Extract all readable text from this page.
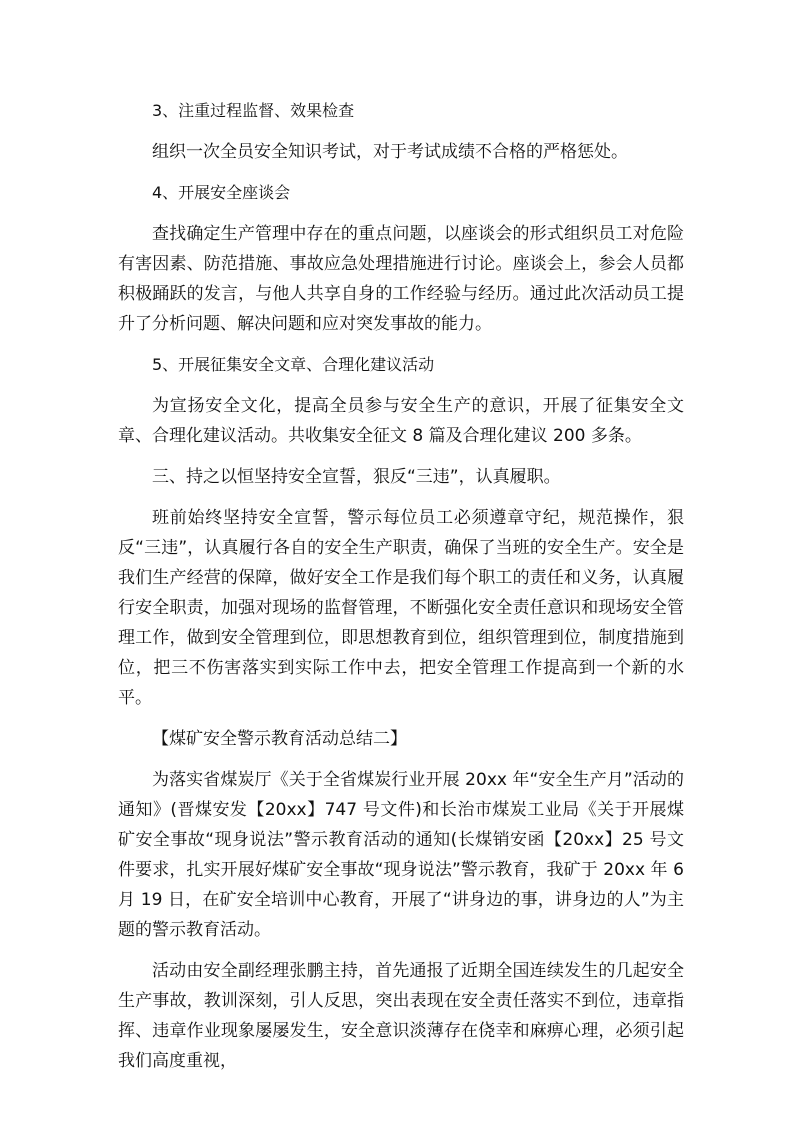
3、注重过程监督、效果检查

组织一次全员安全知识考试，对于考试成绩不合格的严格惩处。

4、开展安全座谈会

查找确定生产管理中存在的重点问题，以座谈会的形式组织员工对危险有害因素、防范措施、事故应急处理措施进行讨论。座谈会上，参会人员都积极踊跃的发言，与他人共享自身的工作经验与经历。通过此次活动员工提升了分析问题、解决问题和应对突发事故的能力。

5、开展征集安全文章、合理化建议活动

为宣扬安全文化，提高全员参与安全生产的意识，开展了征集安全文章、合理化建议活动。共收集安全征文 8 篇及合理化建议 200 多条。

三、持之以恒坚持安全宣誓，狠反“三违”，认真履职。

班前始终坚持安全宣誓，警示每位员工必须遵章守纪，规范操作，狠反“三违”，认真履行各自的安全生产职责，确保了当班的安全生产。安全是我们生产经营的保障，做好安全工作是我们每个职工的责任和义务，认真履行安全职责，加强对现场的监督管理，不断强化安全责任意识和现场安全管理工作，做到安全管理到位，即思想教育到位，组织管理到位，制度措施到位，把三不伤害落实到实际工作中去，把安全管理工作提高到一个新的水平。

【煤矿安全警示教育活动总结二】

为落实省煤炭厅《关于全省煤炭行业开展 20xx 年“安全生产月”活动的通知》(晋煤安发【20xx】747 号文件)和长治市煤炭工业局《关于开展煤矿安全事故“现身说法”警示教育活动的通知(长煤销安函【20xx】25 号文件要求，扎实开展好煤矿安全事故“现身说法”警示教育，我矿于 20xx 年 6 月 19 日，在矿安全培训中心教育，开展了“讲身边的事，讲身边的人”为主题的警示教育活动。

活动由安全副经理张鹏主持，首先通报了近期全国连续发生的几起安全生产事故，教训深刻，引人反思，突出表现在安全责任落实不到位，违章指挥、违章作业现象屡屡发生，安全意识淡薄存在侥幸和麻痹心理，必须引起我们高度重视，
